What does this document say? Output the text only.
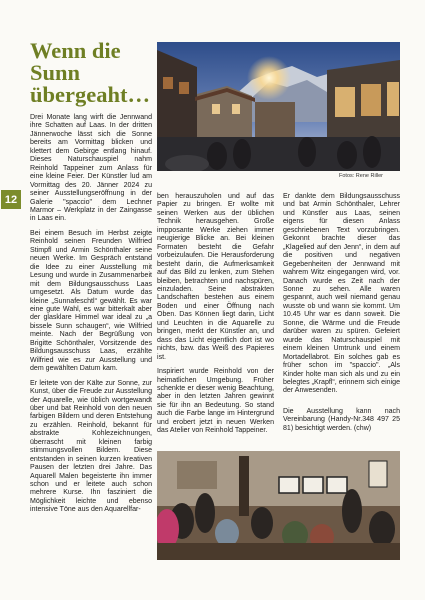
Wenn die
Sunn
übergeaht…
12
Fotos: Rene Riller

Drei Monate lang wirft die Jennwand ihre Schatten auf Laas. In der dritten Jännerwoche lässt sich die Sonne bereits am Vormittag blicken und klettert dem Gebirge entlang hinauf. Dieses Naturschauspiel nahm Reinhold Tappeiner zum Anlass für eine kleine Feier. Der Künstler lud am Vormittag des 20. Jänner 2024 zu seiner Ausstellungseröffnung in der Galerie "spaccio" dem Lechner Marmor – Werkplatz in der Zaingasse in Laas ein.

Bei einem Besuch im Herbst zeigte Reinhold seinen Freunden Wilfried Stimpfl und Armin Schönthaler seine neuen Werke. Im Gespräch entstand die Idee zu einer Ausstellung mit Lesung und wurde in Zusammenarbeit mit dem Bildungsausschuss Laas umgesetzt. Als Datum wurde das kleine „Sunnafeschtl“ gewählt. Es war eine gute Wahl, es war bitterkalt aber der glasklare Himmel war ideal zu „a bissele Sunn schaugen“, wie Wilfried meinte. Nach der Begrüßung von Brigitte Schönthaler, Vorsitzende des Bildungsausschuss Laas, erzählte Wilfried wie es zur Ausstellung und dem gewählten Datum kam.

Er leitete von der Kälte zur Sonne, zur Kunst, über die Freude zur Ausstellung der Aquarelle, wie üblich wortgewandt über und bat Reinhold von den neuen farbigen Bildern und deren Entstehung zu erzählen. Reinhold, bekannt für abstrakte Kohlezeichnungen, überrascht mit kleinen farbig stimmungsvollen Bildern. Diese entstanden in seinen kurzen kreativen Pausen der letzten drei Jahre. Das Aquarell Malen begeisterte ihn immer schon und er leitete auch schon mehrere Kurse. Ihn fasziniert die Möglichkeit leichte und ebenso intensive Töne aus den Aquarellfar-

ben herauszuholen und auf das Papier zu bringen. Er wollte mit seinen Werken aus der üblichen Technik herausgehen. Große impposante Werke ziehen immer neugierige Blicke an. Bei kleinen Formaten besteht die Gefahr vorbeizulaufen. Die Herausforderung besteht darin, die Aufmerksamkeit auf das Bild zu lenken, zum Stehen bleiben, betrachten und nachspüren, einzuladen. Seine abstrakten Landschaften bestehen aus einem Boden und einer Öffnung nach Oben. Das Können liegt darin, Licht und Leuchten in die Aquarelle zu bringen, merkt der Künstler an, und dass das Licht eigentlich dort ist wo nichts, bzw. das Weiß des Papieres ist.

Inspiriert wurde Reinhold von der heimatlichen Umgebung. Früher schenkte er dieser wenig Beachtung, aber in den letzten Jahren gewinnt sie für ihn an Bedeutung. So stand auch die Farbe lange im Hintergrund und erobert jetzt in neuen Werken das Atelier von Reinhold Tappeiner.

Er dankte dem Bildungsausschuss und bat Armin Schönthaler, Lehrer und Künstler aus Laas, seinen eigens für diesen Anlass geschriebenen Text vorzubringen. Gekonnt brachte dieser das „Klagelied auf den Jenn“, in dem auf die positiven und negativen Gegebenheiten der Jennwand mit wahrem Witz eingegangen wird, vor. Danach wurde es Zeit nach der Sonne zu sehen. Alle waren gespannt, auch weil niemand genau wusste ob und wann sie kommt. Um 10.45 Uhr war es dann soweit. Die Sonne, die Wärme und die Freude darüber waren zu spüren. Gefeiert wurde das Naturschauspiel mit einem kleinen Umtrunk und einem Mortadellabrot. Ein solches gab es früher schon im "spaccio". „Als Kinder holte man sich als und zu ein belegtes „Krapfl“, erinnern sich einige der Anwesenden.

Die Ausstellung kann nach Vereinbarung (Handy-Nr.348 497 25 81) besichtigt werden. (chw)
